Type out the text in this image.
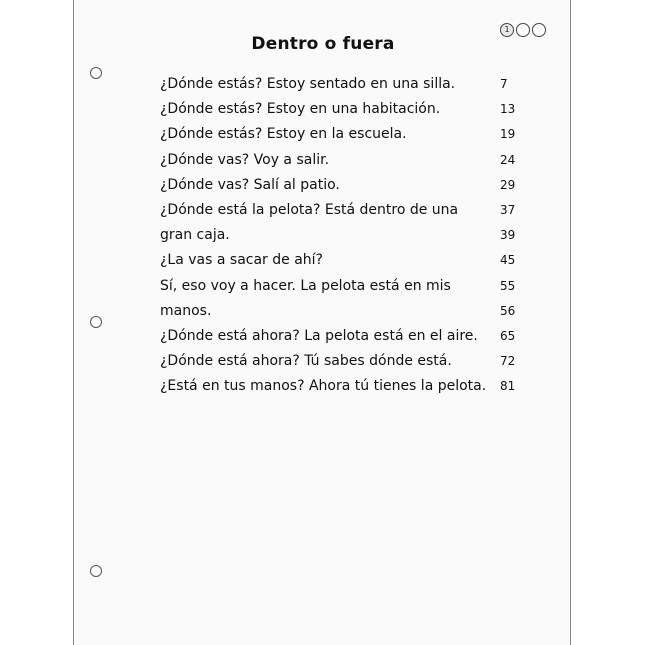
1
Dentro o fuera
¿Dónde estás? Estoy sentado en una silla.	7
¿Dónde estás? Estoy en una habitación.	13
¿Dónde estás? Estoy en la escuela.	19
¿Dónde vas? Voy a salir.	24
¿Dónde vas? Salí al patio.	29
¿Dónde está la pelota? Está dentro de una	37
gran caja.	39
¿La vas a sacar de ahí?	45
Sí, eso voy a hacer. La pelota está en mis	55
manos.	56
¿Dónde está ahora? La pelota está en el aire. 65
¿Dónde está ahora? Tú sabes dónde está.	72
¿Está en tus manos? Ahora tú tienes la pelota. 81
